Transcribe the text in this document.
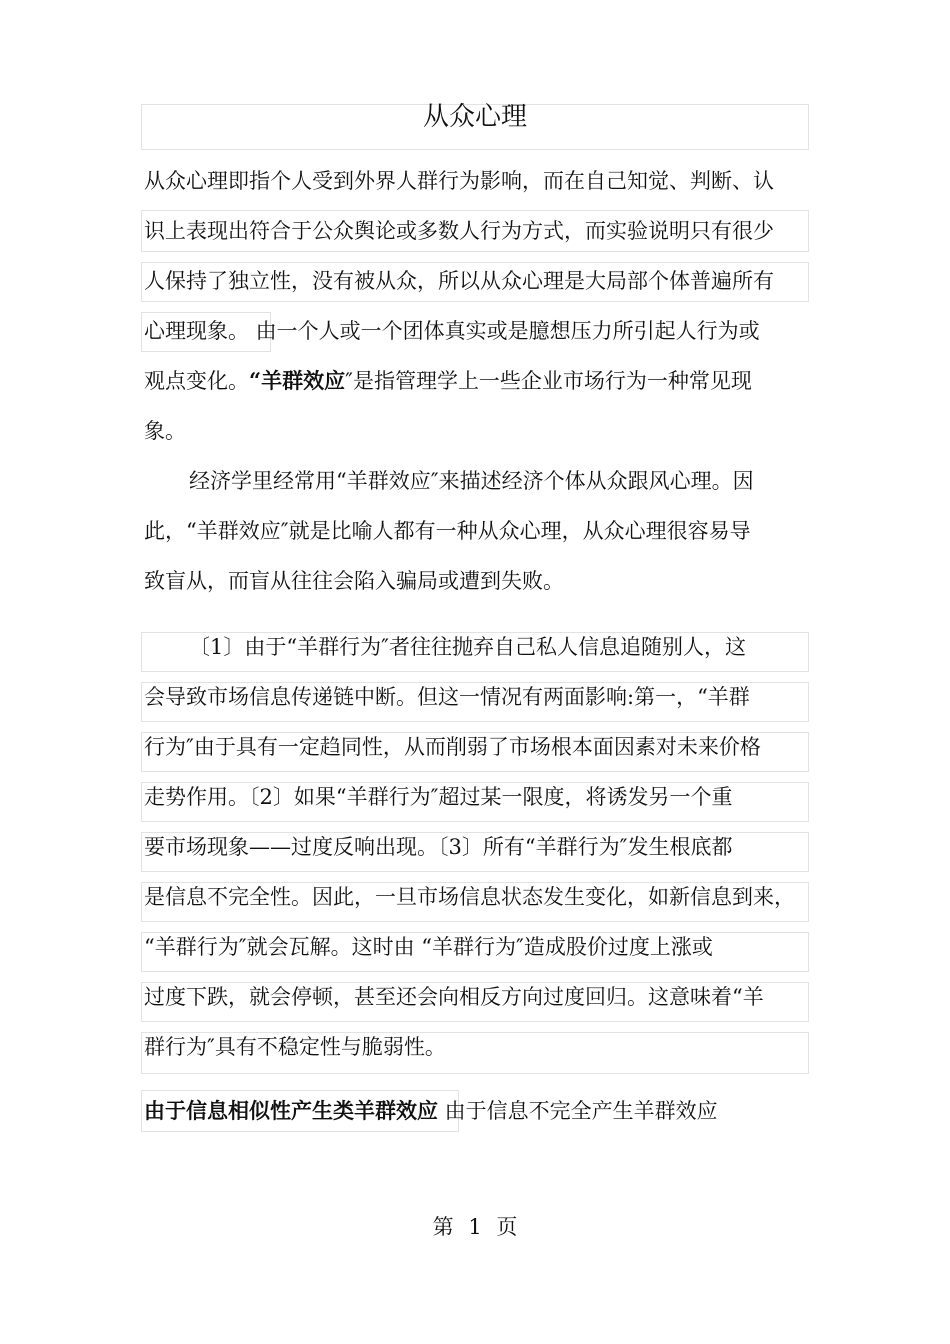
从众心理
从众心理即指个人受到外界人群行为影响，而在自己知觉、判断、认
识上表现出符合于公众舆论或多数人行为方式，而实验说明只有很少
人保持了独立性，没有被从众，所以从众心理是大局部个体普遍所有
心理现象。 由一个人或一个团体真实或是臆想压力所引起人行为或
观点变化。“羊群效应″是指管理学上一些企业市场行为一种常见现
象。
经济学里经常用“羊群效应″来描述经济个体从众跟风心理。因
此，“羊群效应″就是比喻人都有一种从众心理，从众心理很容易导
致盲从，而盲从往往会陷入骗局或遭到失败。
〔1〕由于“羊群行为″者往往抛弃自己私人信息追随别人，这
会导致市场信息传递链中断。但这一情况有两面影响:第一，“羊群
行为″由于具有一定趋同性，从而削弱了市场根本面因素对未来价格
走势作用。〔2〕如果“羊群行为″超过某一限度，将诱发另一个重
要市场现象——过度反响出现。〔3〕所有“羊群行为″发生根底都
是信息不完全性。因此，一旦市场信息状态发生变化，如新信息到来，
“羊群行为″就会瓦解。这时由 “羊群行为″造成股价过度上涨或
过度下跌，就会停顿，甚至还会向相反方向过度回归。这意味着“羊
群行为″具有不稳定性与脆弱性。
由于信息相似性产生类羊群效应 由于信息不完全产生羊群效应
第 1 页
